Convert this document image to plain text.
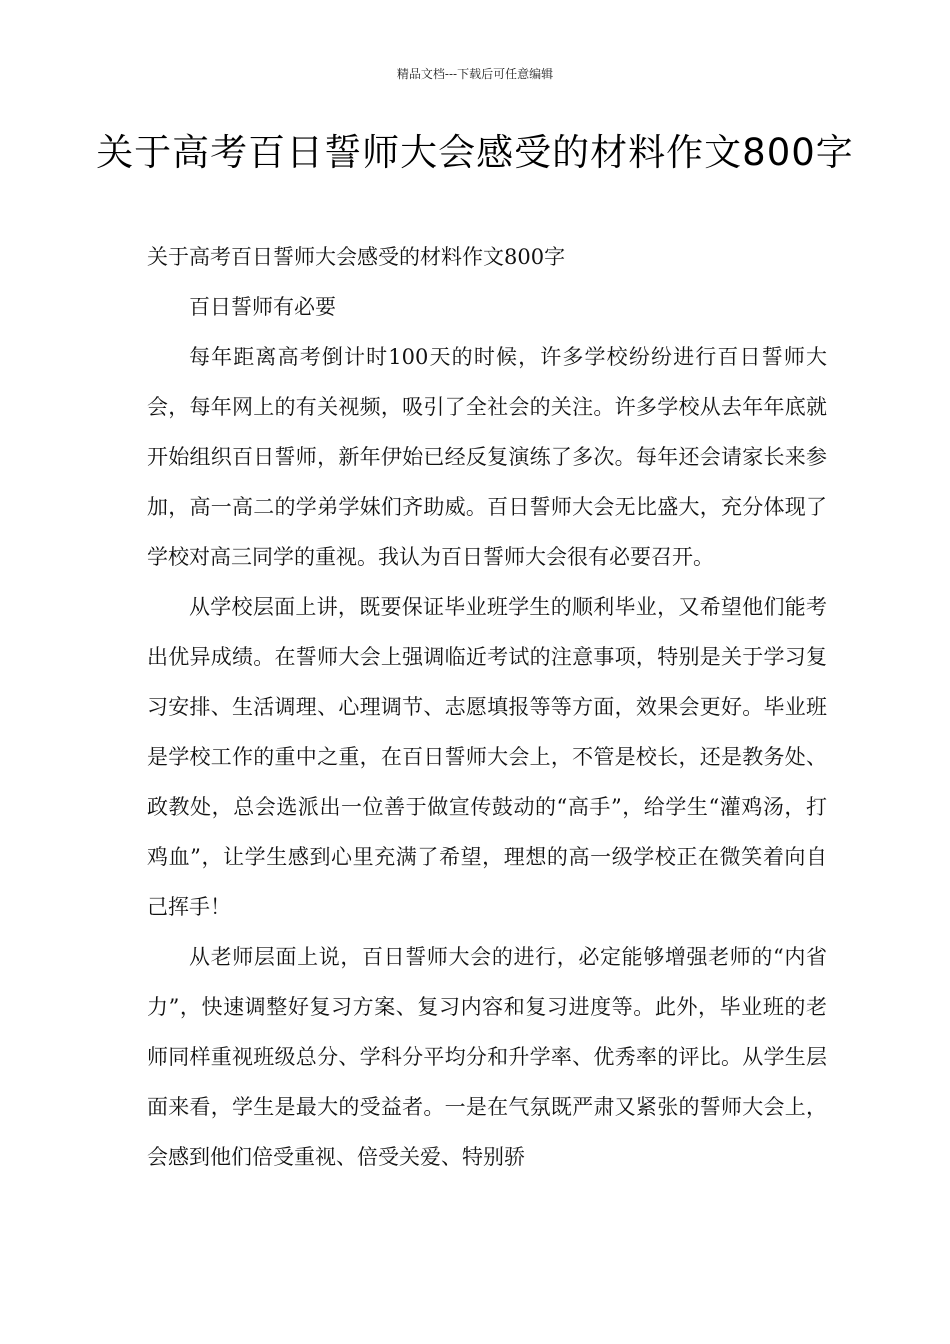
精品文档---下载后可任意编辑
关于高考百日誓师大会感受的材料作文800字

关于高考百日誓师大会感受的材料作文800字

百日誓师有必要

每年距离高考倒计时100天的时候，许多学校纷纷进行百日誓师大会，每年网上的有关视频，吸引了全社会的关注。许多学校从去年年底就开始组织百日誓师，新年伊始已经反复演练了多次。每年还会请家长来参加，高一高二的学弟学妹们齐助威。百日誓师大会无比盛大，充分体现了学校对高三同学的重视。我认为百日誓师大会很有必要召开。

从学校层面上讲，既要保证毕业班学生的顺利毕业，又希望他们能考出优异成绩。在誓师大会上强调临近考试的注意事项，特别是关于学习复习安排、生活调理、心理调节、志愿填报等等方面，效果会更好。毕业班是学校工作的重中之重，在百日誓师大会上，不管是校长，还是教务处、政教处，总会选派出一位善于做宣传鼓动的“高手”，给学生“灌鸡汤，打鸡血”，让学生感到心里充满了希望，理想的高一级学校正在微笑着向自己挥手！

从老师层面上说，百日誓师大会的进行，必定能够增强老师的“内省力”，快速调整好复习方案、复习内容和复习进度等。此外，毕业班的老师同样重视班级总分、学科分平均分和升学率、优秀率的评比。从学生层面来看，学生是最大的受益者。一是在气氛既严肃又紧张的誓师大会上，会感到他们倍受重视、倍受关爱、特别骄
